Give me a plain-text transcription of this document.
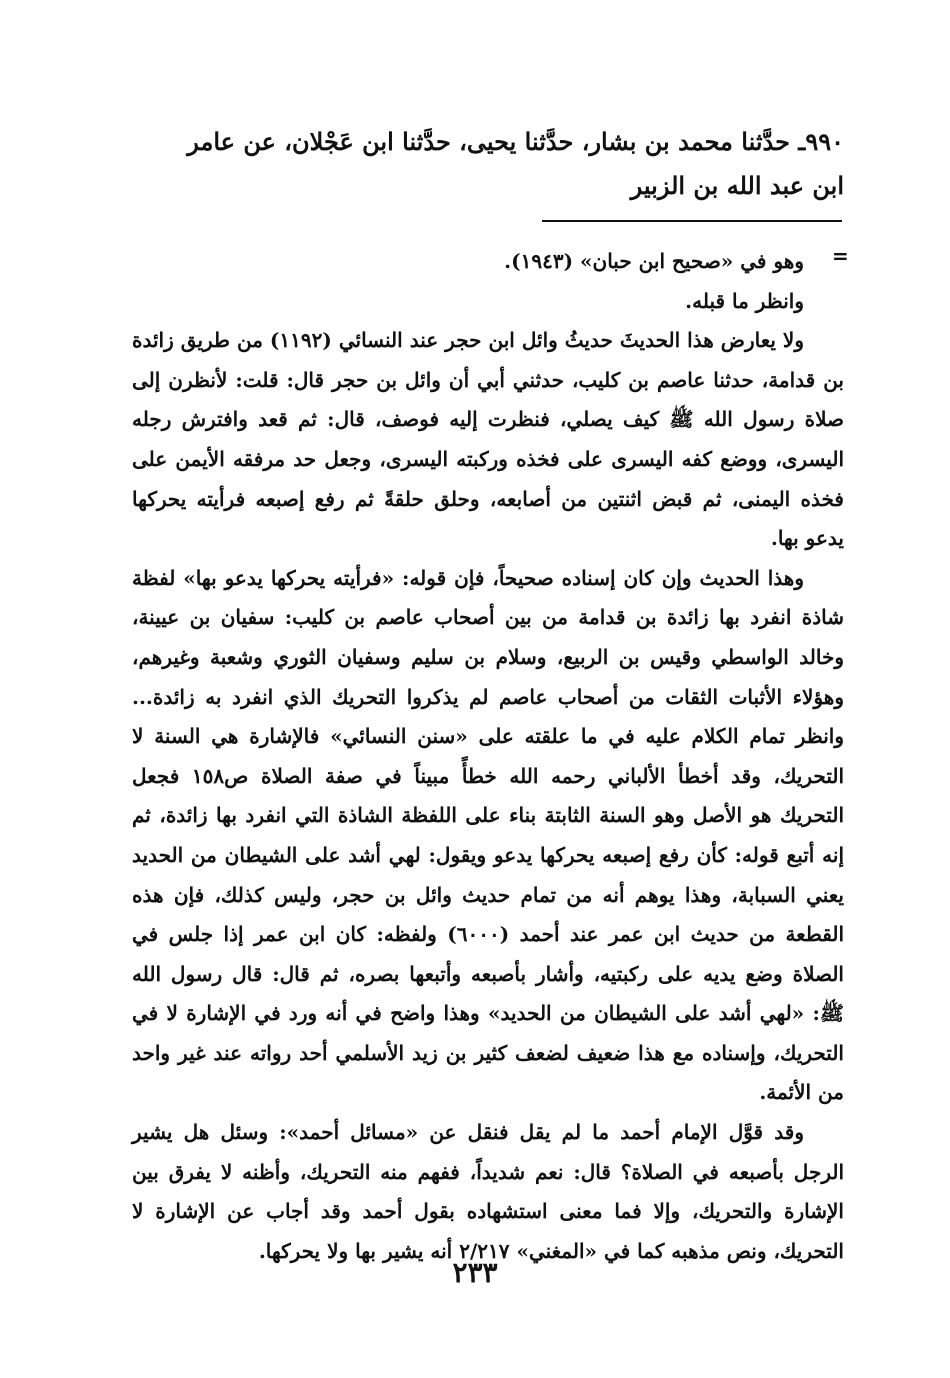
٩٩٠ـ حدَّثنا محمد بن بشار، حدَّثنا يحيى، حدَّثنا ابن عَجْلان، عن عامر

ابن عبد الله بن الزبير

=

وهو في «صحيح ابن حبان» (١٩٤٣).

وانظر ما قبله.

ولا يعارض هذا الحديثَ حديثُ وائل ابن حجر عند النسائي (١١٩٢) من طريق زائدة بن قدامة، حدثنا عاصم بن كليب، حدثني أبي أن وائل بن حجر قال: قلت: لأنظرن إلى صلاة رسول الله ﷺ كيف يصلي، فنظرت إليه فوصف، قال: ثم قعد وافترش رجله اليسرى، ووضع كفه اليسرى على فخذه وركبته اليسرى، وجعل حد مرفقه الأيمن على فخذه اليمنى، ثم قبض اثنتين من أصابعه، وحلق حلقةً ثم رفع إصبعه فرأيته يحركها يدعو بها.

وهذا الحديث وإن كان إسناده صحيحاً، فإن قوله: «فرأيته يحركها يدعو بها» لفظة شاذة انفرد بها زائدة بن قدامة من بين أصحاب عاصم بن كليب: سفيان بن عيينة، وخالد الواسطي وقيس بن الربيع، وسلام بن سليم وسفيان الثوري وشعبة وغيرهم، وهؤلاء الأثبات الثقات من أصحاب عاصم لم يذكروا التحريك الذي انفرد به زائدة... وانظر تمام الكلام عليه في ما علقته على «سنن النسائي» فالإشارة هي السنة لا التحريك، وقد أخطأ الألباني رحمه الله خطأً مبيناً في صفة الصلاة ص١٥٨ فجعل التحريك هو الأصل وهو السنة الثابتة بناء على اللفظة الشاذة التي انفرد بها زائدة، ثم إنه أتبع قوله: كأن رفع إصبعه يحركها يدعو ويقول: لهي أشد على الشيطان من الحديد يعني السبابة، وهذا يوهم أنه من تمام حديث وائل بن حجر، وليس كذلك، فإن هذه القطعة من حديث ابن عمر عند أحمد (٦٠٠٠) ولفظه: كان ابن عمر إذا جلس في الصلاة وضع يديه على ركبتيه، وأشار بأصبعه وأتبعها بصره، ثم قال: قال رسول الله ﷺ: «لهي أشد على الشيطان من الحديد» وهذا واضح في أنه ورد في الإشارة لا في التحريك، وإسناده مع هذا ضعيف لضعف كثير بن زيد الأسلمي أحد رواته عند غير واحد من الأئمة.

وقد قوَّل الإمام أحمد ما لم يقل فنقل عن «مسائل أحمد»: وسئل هل يشير الرجل بأصبعه في الصلاة؟ قال: نعم شديداً، ففهم منه التحريك، وأظنه لا يفرق بين الإشارة والتحريك، وإلا فما معنى استشهاده بقول أحمد وقد أجاب عن الإشارة لا التحريك، ونص مذهبه كما في «المغني» ٢/٢١٧ أنه يشير بها ولا يحركها.

٢٣٣
